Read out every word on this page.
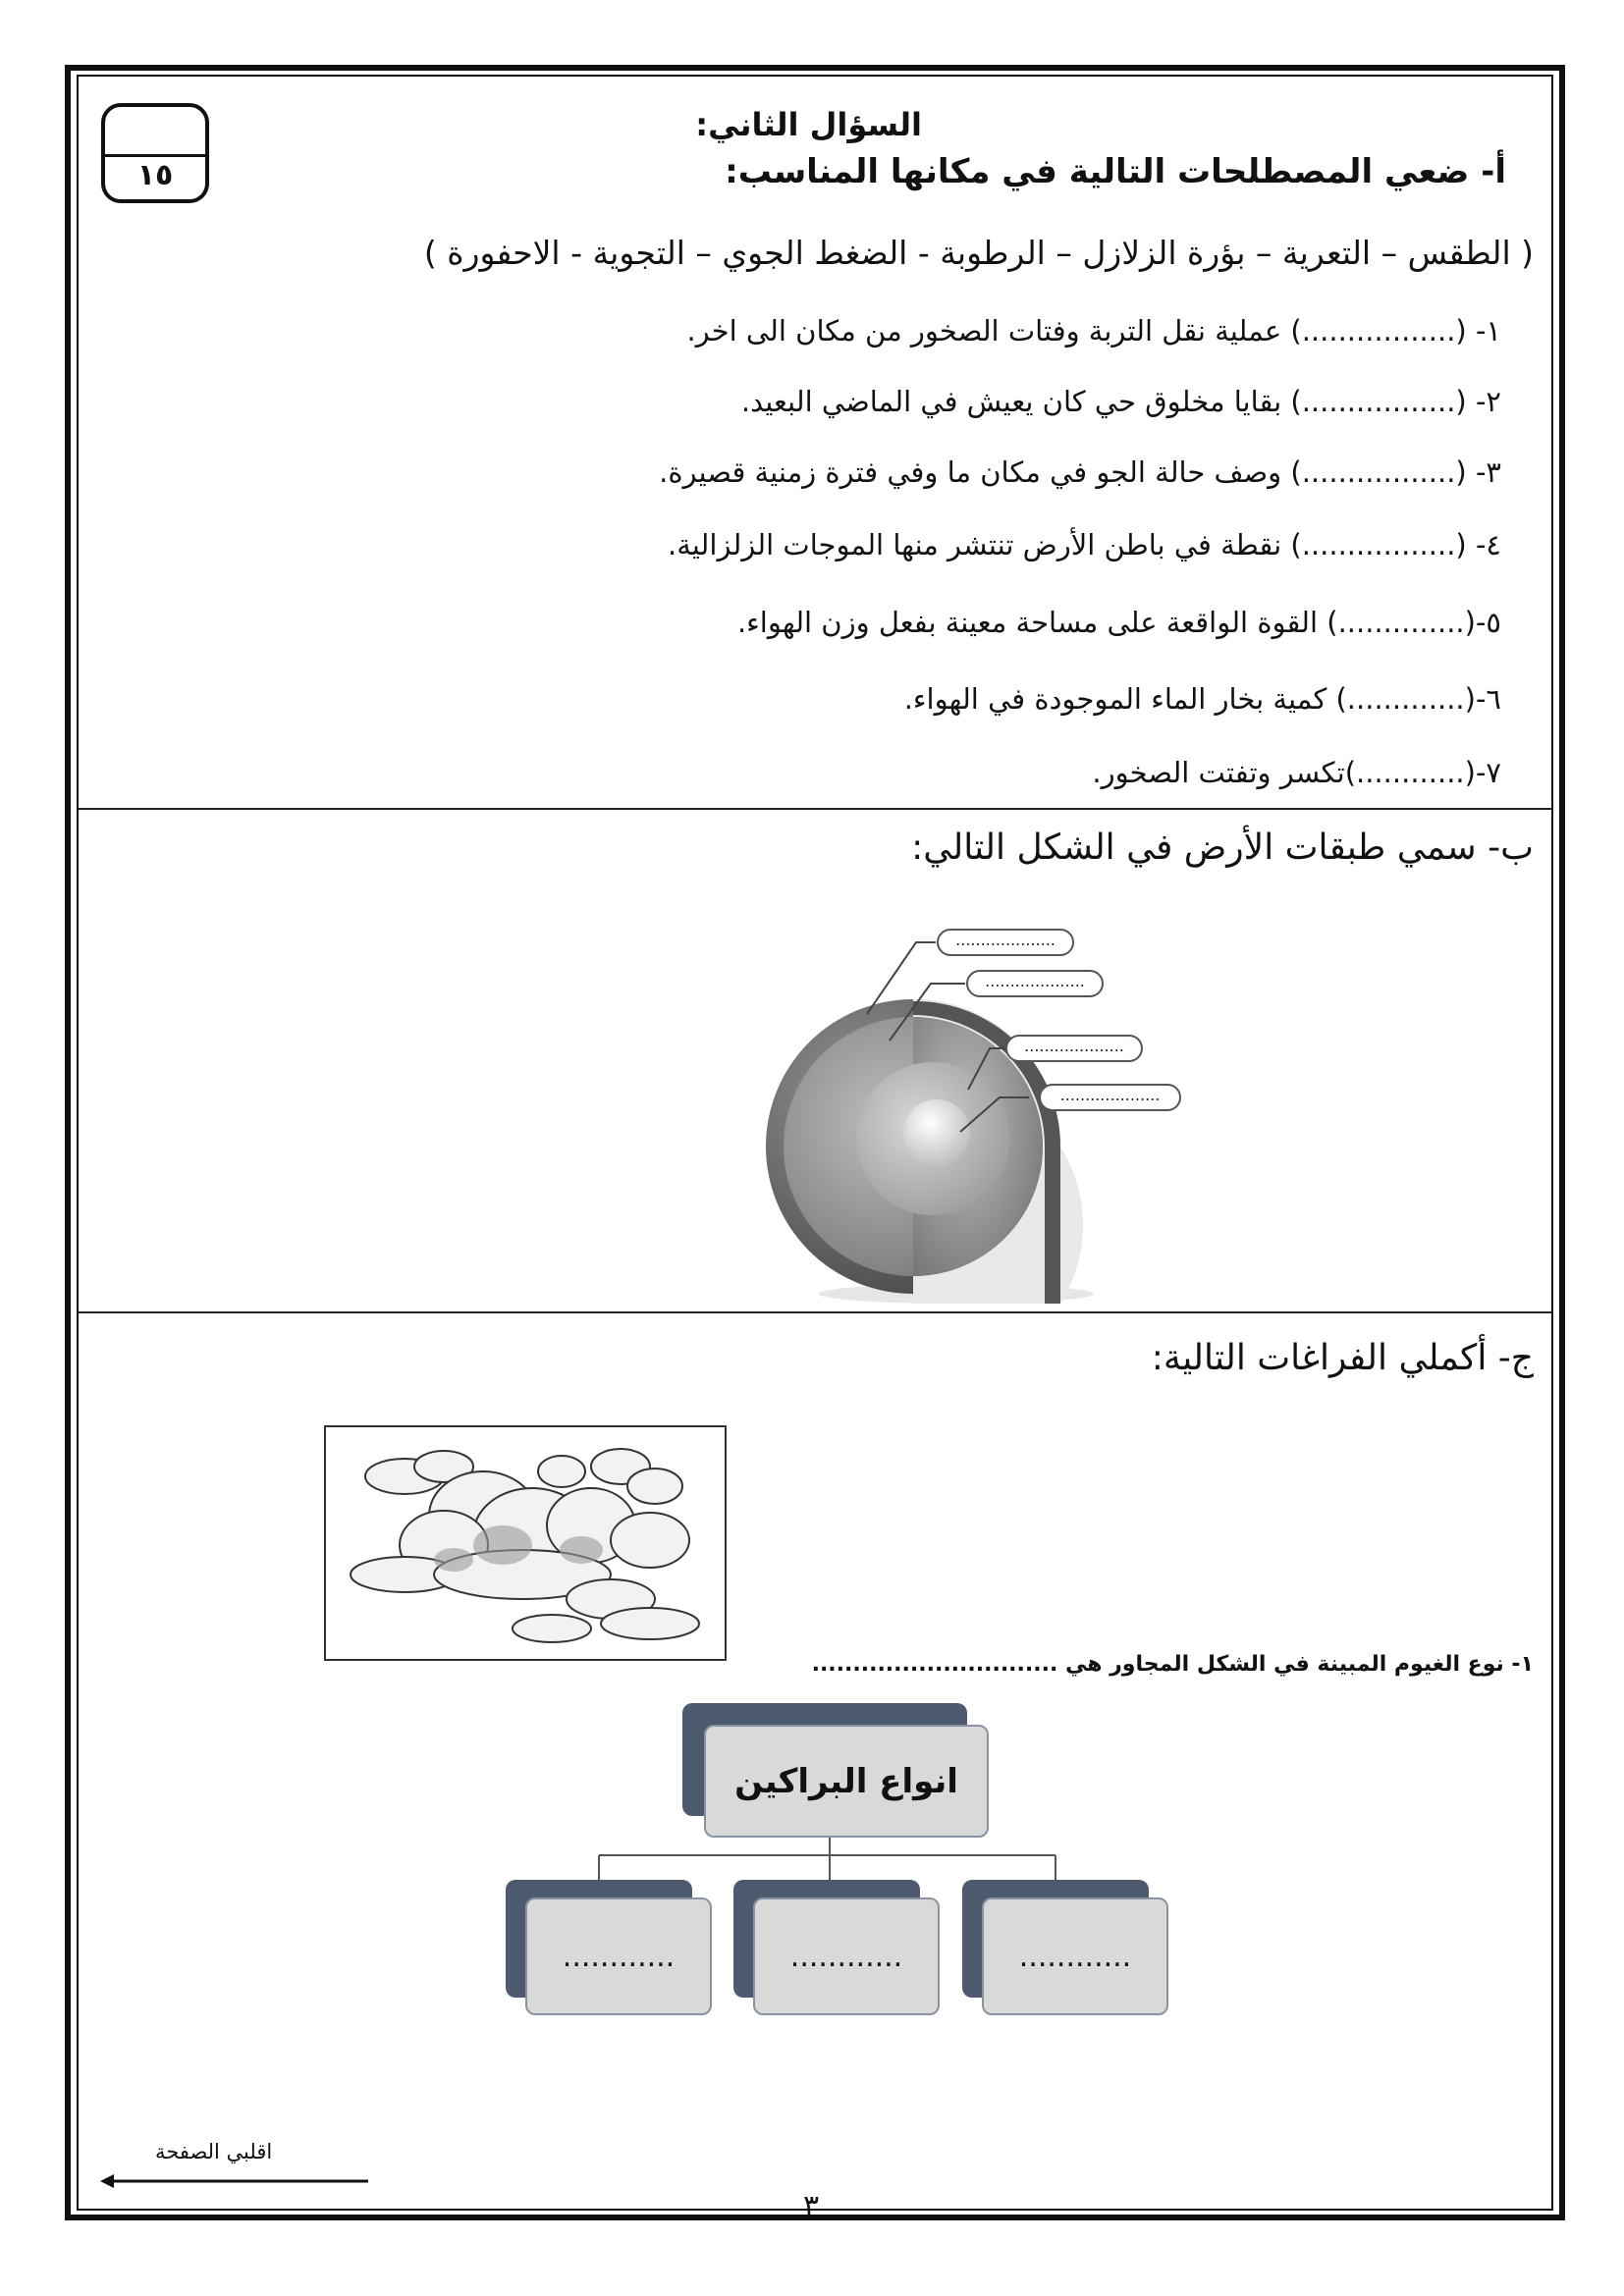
١٥
السؤال الثاني:
أ- ضعي المصطلحات التالية في مكانها المناسب:
( الطقس – التعرية – بؤرة الزلازل – الرطوبة - الضغط الجوي – التجوية - الاحفورة )
١- (.................) عملية نقل التربة وفتات الصخور من مكان الى اخر.
٢- (.................) بقايا مخلوق حي كان يعيش في الماضي البعيد.
٣- (.................) وصف حالة الجو في مكان ما وفي فترة زمنية قصيرة.
٤- (.................) نقطة في باطن الأرض تنتشر منها الموجات الزلزالية.
٥-(..............) القوة الواقعة على مساحة معينة بفعل وزن الهواء.
٦-(.............) كمية بخار الماء الموجودة في الهواء.
٧-(............)تكسر وتفتت الصخور.
ب- سمي طبقات الأرض في الشكل التالي:
....................
....................
....................
....................
ج- أكملي الفراغات التالية:
١- نوع الغيوم المبينة في الشكل المجاور هي ..............................
انواع البراكين
............	............	............
اقلبي الصفحة
٣
